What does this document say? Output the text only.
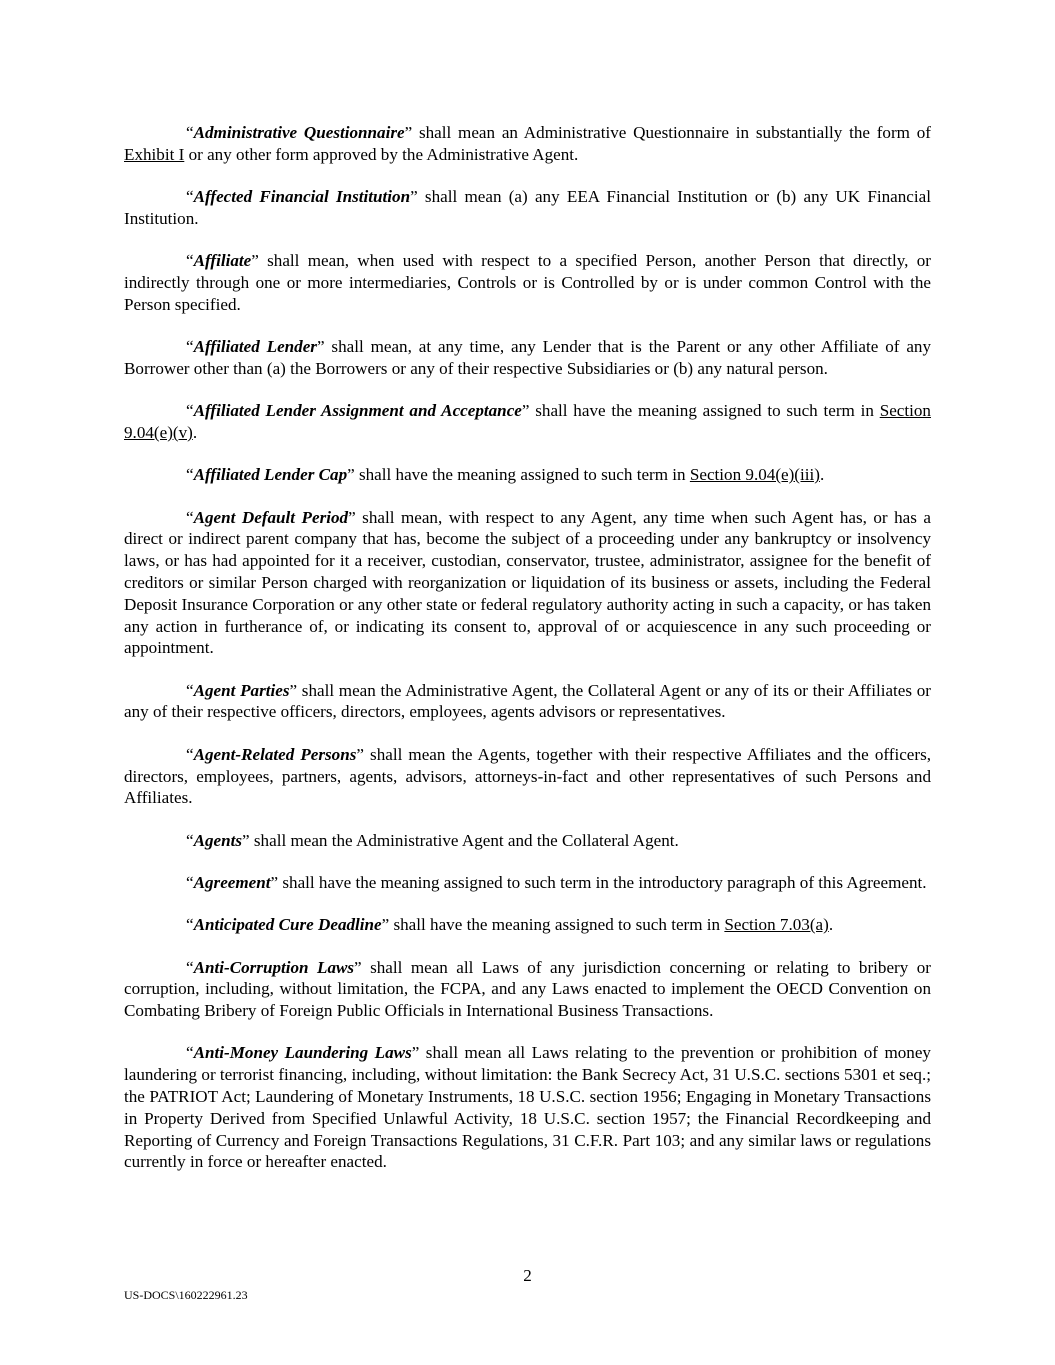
“Administrative Questionnaire” shall mean an Administrative Questionnaire in substantially the form of Exhibit I or any other form approved by the Administrative Agent.

“Affected Financial Institution” shall mean (a) any EEA Financial Institution or (b) any UK Financial Institution.

“Affiliate” shall mean, when used with respect to a specified Person, another Person that directly, or indirectly through one or more intermediaries, Controls or is Controlled by or is under common Control with the Person specified.

“Affiliated Lender” shall mean, at any time, any Lender that is the Parent or any other Affiliate of any Borrower other than (a) the Borrowers or any of their respective Subsidiaries or (b) any natural person.

“Affiliated Lender Assignment and Acceptance” shall have the meaning assigned to such term in Section 9.04(e)(v).

“Affiliated Lender Cap” shall have the meaning assigned to such term in Section 9.04(e)(iii).

“Agent Default Period” shall mean, with respect to any Agent, any time when such Agent has, or has a direct or indirect parent company that has, become the subject of a proceeding under any bankruptcy or insolvency laws, or has had appointed for it a receiver, custodian, conservator, trustee, administrator, assignee for the benefit of creditors or similar Person charged with reorganization or liquidation of its business or assets, including the Federal Deposit Insurance Corporation or any other state or federal regulatory authority acting in such a capacity, or has taken any action in furtherance of, or indicating its consent to, approval of or acquiescence in any such proceeding or appointment.

“Agent Parties” shall mean the Administrative Agent, the Collateral Agent or any of its or their Affiliates or any of their respective officers, directors, employees, agents advisors or representatives.

“Agent-Related Persons” shall mean the Agents, together with their respective Affiliates and the officers, directors, employees, partners, agents, advisors, attorneys-in-fact and other representatives of such Persons and Affiliates.

“Agents” shall mean the Administrative Agent and the Collateral Agent.

“Agreement” shall have the meaning assigned to such term in the introductory paragraph of this Agreement.

“Anticipated Cure Deadline” shall have the meaning assigned to such term in Section 7.03(a).

“Anti-Corruption Laws” shall mean all Laws of any jurisdiction concerning or relating to bribery or corruption, including, without limitation, the FCPA, and any Laws enacted to implement the OECD Convention on Combating Bribery of Foreign Public Officials in International Business Transactions.

“Anti-Money Laundering Laws” shall mean all Laws relating to the prevention or prohibition of money laundering or terrorist financing, including, without limitation: the Bank Secrecy Act, 31 U.S.C. sections 5301 et seq.; the PATRIOT Act; Laundering of Monetary Instruments, 18 U.S.C. section 1956; Engaging in Monetary Transactions in Property Derived from Specified Unlawful Activity, 18 U.S.C. section 1957; the Financial Recordkeeping and Reporting of Currency and Foreign Transactions Regulations, 31 C.F.R. Part 103; and any similar laws or regulations currently in force or hereafter enacted.

2
US-DOCS\160222961.23
